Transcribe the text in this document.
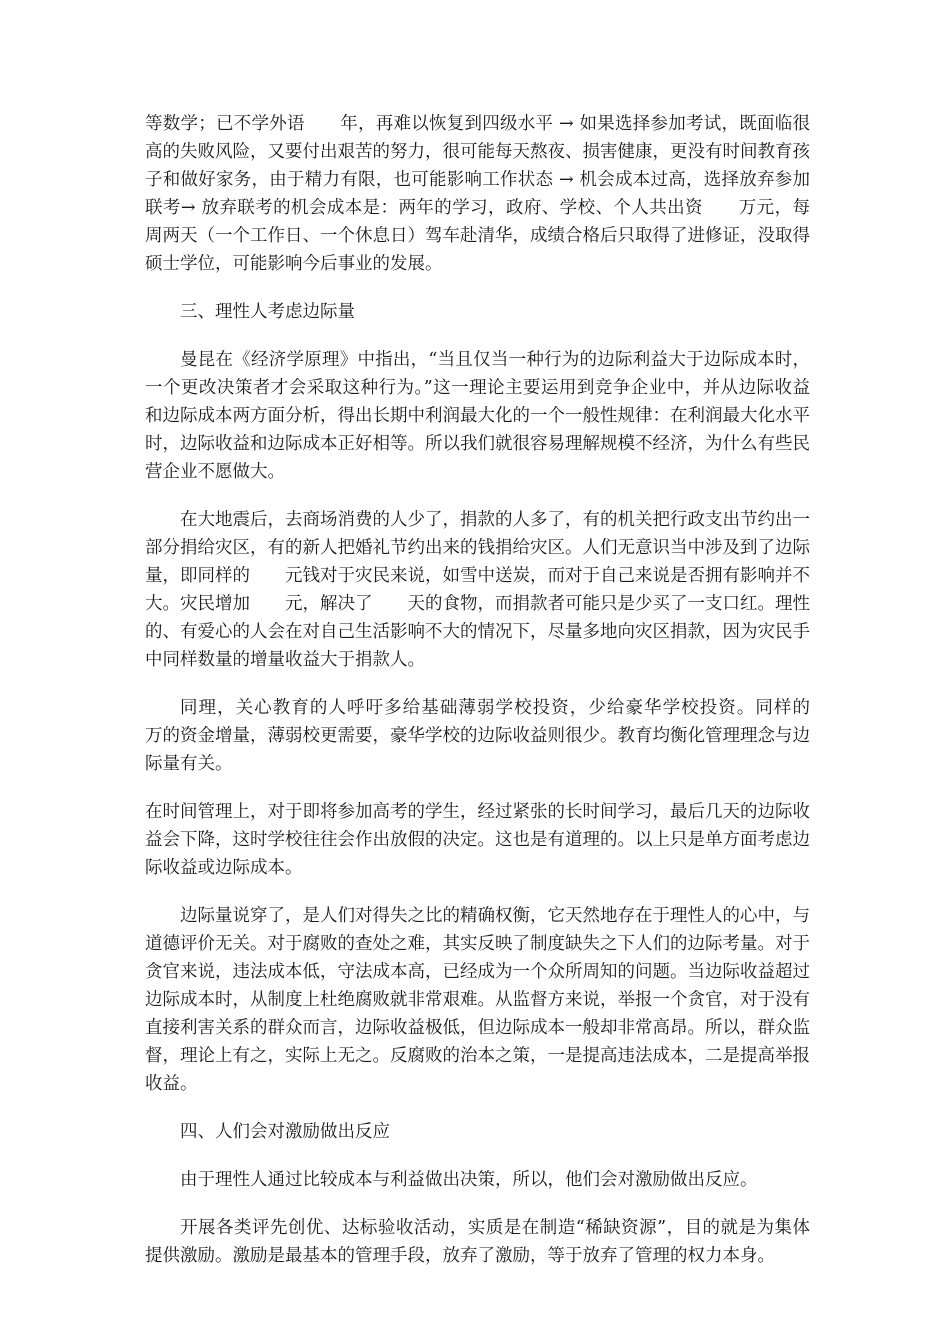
等数学；已不学外语　　年，再难以恢复到四级水平 → 如果选择参加考试，既面临很高的失败风险，又要付出艰苦的努力，很可能每天熬夜、损害健康，更没有时间教育孩子和做好家务，由于精力有限，也可能影响工作状态 → 机会成本过高，选择放弃参加联考→ 放弃联考的机会成本是：两年的学习，政府、学校、个人共出资　　万元，每周两天（一个工作日、一个休息日）驾车赴清华，成绩合格后只取得了进修证，没取得硕士学位，可能影响今后事业的发展。

三、理性人考虑边际量

曼昆在《经济学原理》中指出，“当且仅当一种行为的边际利益大于边际成本时，一个更改决策者才会采取这种行为。”这一理论主要运用到竞争企业中，并从边际收益和边际成本两方面分析，得出长期中利润最大化的一个一般性规律：在利润最大化水平时，边际收益和边际成本正好相等。所以我们就很容易理解规模不经济，为什么有些民营企业不愿做大。

在大地震后，去商场消费的人少了，捐款的人多了，有的机关把行政支出节约出一部分捐给灾区，有的新人把婚礼节约出来的钱捐给灾区。人们无意识当中涉及到了边际量，即同样的　　元钱对于灾民来说，如雪中送炭，而对于自己来说是否拥有影响并不大。灾民增加　　元，解决了　　天的食物，而捐款者可能只是少买了一支口红。理性的、有爱心的人会在对自己生活影响不大的情况下，尽量多地向灾区捐款，因为灾民手中同样数量的增量收益大于捐款人。

同理，关心教育的人呼吁多给基础薄弱学校投资，少给豪华学校投资。同样的　　万的资金增量，薄弱校更需要，豪华学校的边际收益则很少。教育均衡化管理理念与边际量有关。

在时间管理上，对于即将参加高考的学生，经过紧张的长时间学习，最后几天的边际收益会下降，这时学校往往会作出放假的决定。这也是有道理的。以上只是单方面考虑边际收益或边际成本。

边际量说穿了，是人们对得失之比的精确权衡，它天然地存在于理性人的心中，与道德评价无关。对于腐败的查处之难，其实反映了制度缺失之下人们的边际考量。对于贪官来说，违法成本低，守法成本高，已经成为一个众所周知的问题。当边际收益超过边际成本时，从制度上杜绝腐败就非常艰难。从监督方来说，举报一个贪官，对于没有直接利害关系的群众而言，边际收益极低，但边际成本一般却非常高昂。所以，群众监督，理论上有之，实际上无之。反腐败的治本之策，一是提高违法成本，二是提高举报收益。

四、人们会对激励做出反应

由于理性人通过比较成本与利益做出决策，所以，他们会对激励做出反应。

开展各类评先创优、达标验收活动，实质是在制造“稀缺资源”，目的就是为集体提供激励。激励是最基本的管理手段，放弃了激励，等于放弃了管理的权力本身。
